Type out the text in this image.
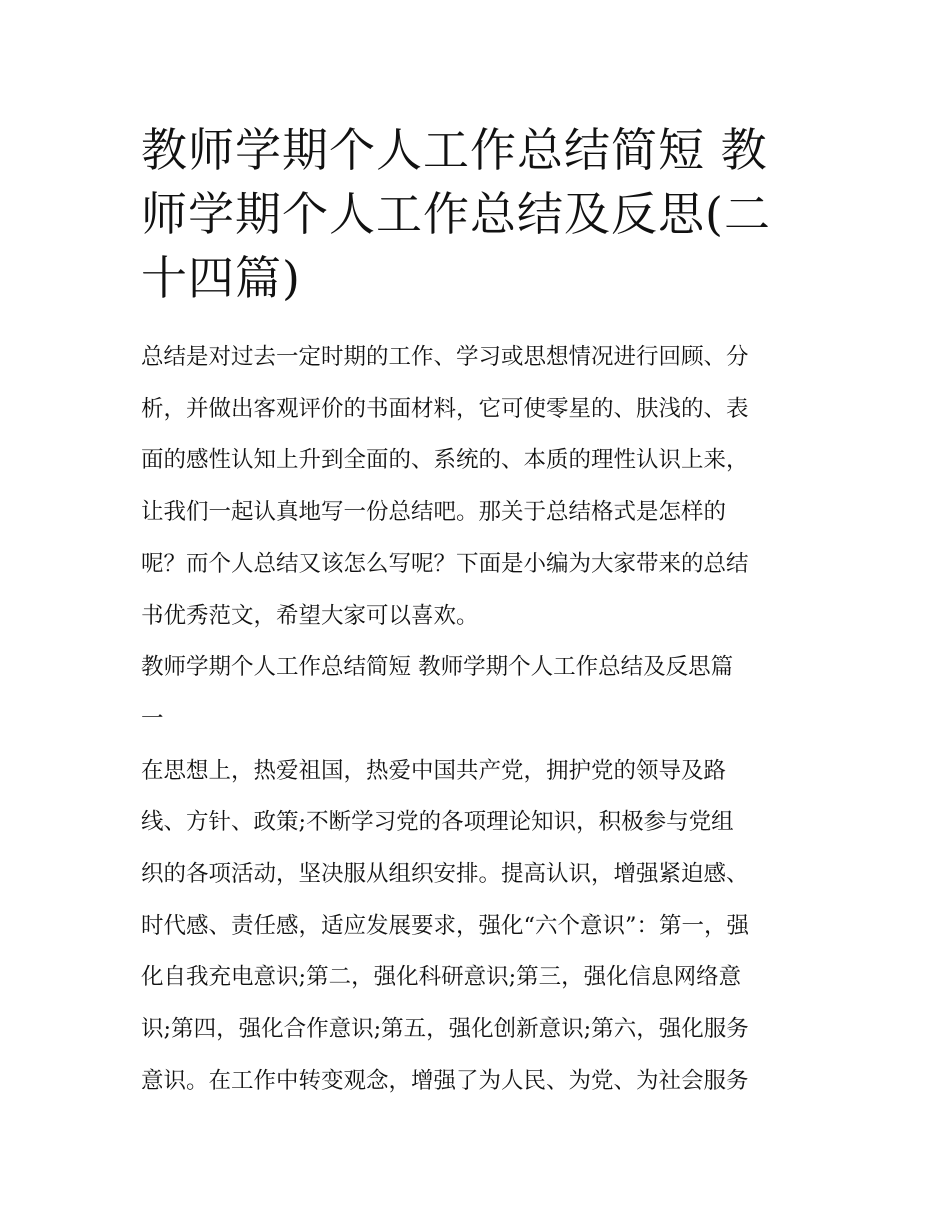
教师学期个人工作总结简短 教
师学期个人工作总结及反思(二
十四篇)
总结是对过去一定时期的工作、学习或思想情况进行回顾、分
析，并做出客观评价的书面材料，它可使零星的、肤浅的、表
面的感性认知上升到全面的、系统的、本质的理性认识上来，
让我们一起认真地写一份总结吧。那关于总结格式是怎样的
呢？而个人总结又该怎么写呢？下面是小编为大家带来的总结
书优秀范文，希望大家可以喜欢。
教师学期个人工作总结简短 教师学期个人工作总结及反思篇
一
在思想上，热爱祖国，热爱中国共产党，拥护党的领导及路
线、方针、政策;不断学习党的各项理论知识，积极参与党组
织的各项活动，坚决服从组织安排。提高认识，增强紧迫感、
时代感、责任感，适应发展要求，强化“六个意识”：第一，强
化自我充电意识;第二，强化科研意识;第三，强化信息网络意
识;第四，强化合作意识;第五，强化创新意识;第六，强化服务
意识。在工作中转变观念，增强了为人民、为党、为社会服务
